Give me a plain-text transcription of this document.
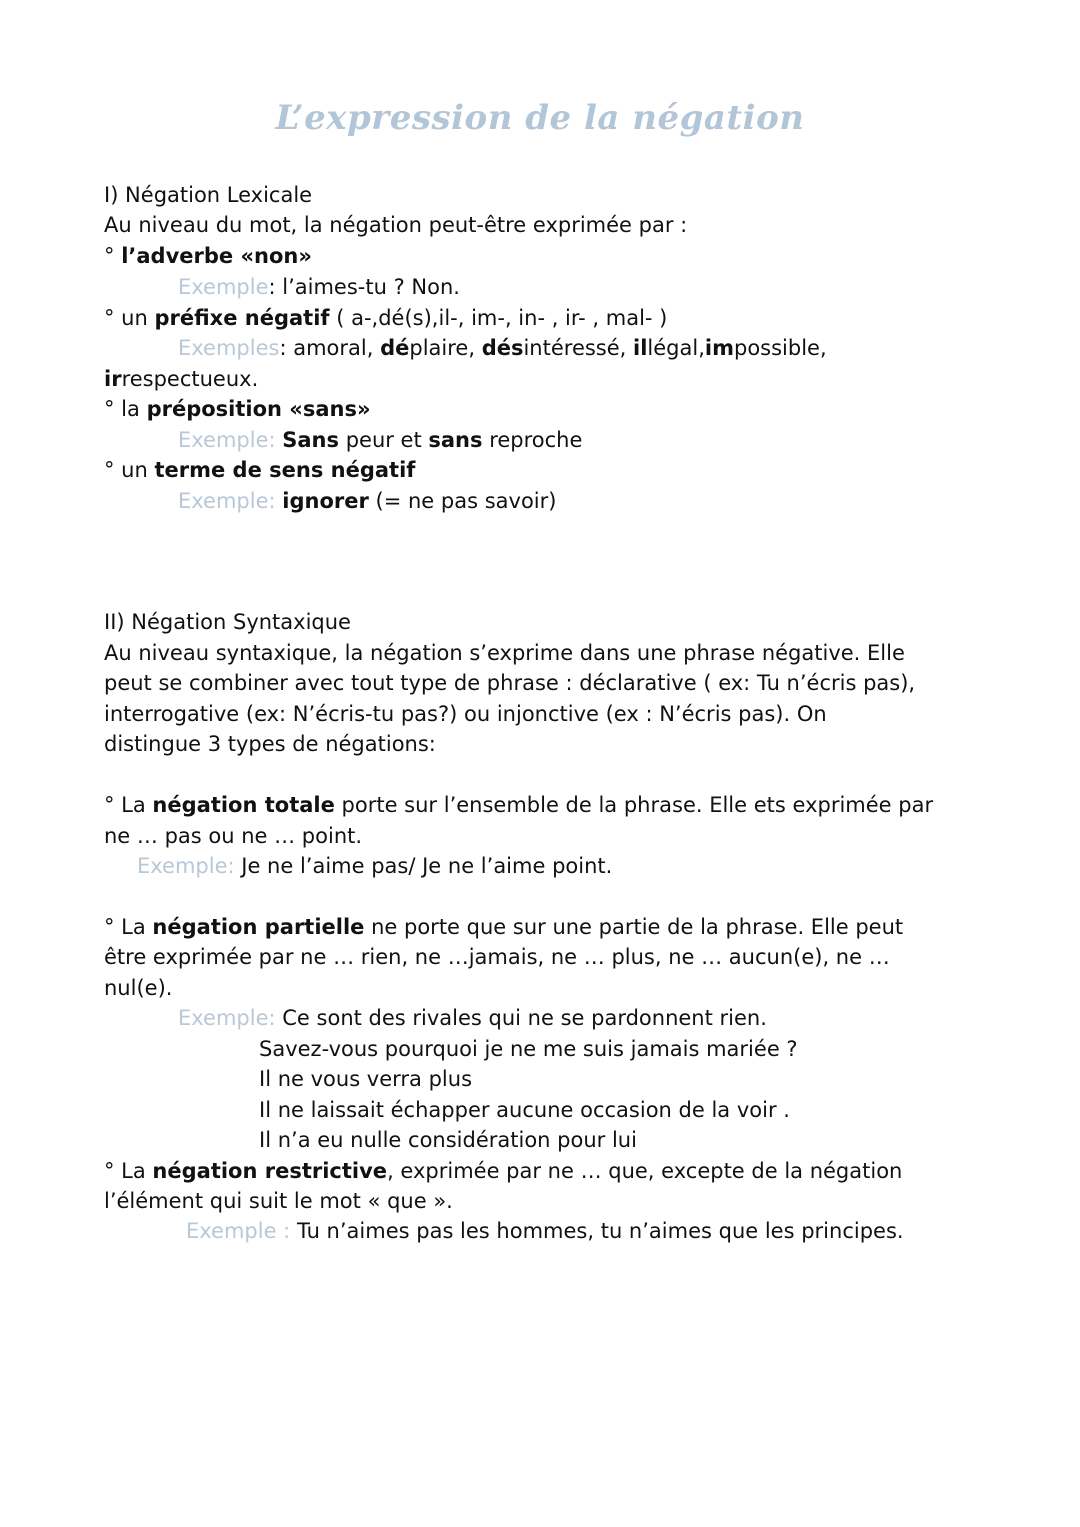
L’expression de la négation
I) Négation Lexicale
Au niveau du mot, la négation peut-être exprimée par :
° l’adverbe «non»
Exemple: l’aimes-tu ? Non.
° un préfixe négatif ( a-,dé(s),il-, im-, in- , ir- , mal- )
Exemples: amoral, déplaire, désintéressé, illégal,impossible,
irrespectueux.
° la préposition «sans»
Exemple: Sans peur et sans reproche
° un terme de sens négatif
Exemple: ignorer (= ne pas savoir)
II) Négation Syntaxique
Au niveau syntaxique, la négation s’exprime dans une phrase négative. Elle
peut se combiner avec tout type de phrase : déclarative ( ex: Tu n’écris pas),
interrogative (ex: N’écris-tu pas?) ou injonctive (ex : N’écris pas). On
distingue 3 types de négations:
° La négation totale porte sur l’ensemble de la phrase. Elle ets exprimée par
ne … pas ou ne … point.
Exemple: Je ne l’aime pas/ Je ne l’aime point.
° La négation partielle ne porte que sur une partie de la phrase. Elle peut
être exprimée par ne … rien, ne …jamais, ne … plus, ne … aucun(e), ne …
nul(e).
Exemple: Ce sont des rivales qui ne se pardonnent rien.
Savez-vous pourquoi je ne me suis jamais mariée ?
Il ne vous verra plus
Il ne laissait échapper aucune occasion de la voir .
Il n’a eu nulle considération pour lui
° La négation restrictive, exprimée par ne … que, excepte de la négation
l’élément qui suit le mot « que ».
Exemple : Tu n’aimes pas les hommes, tu n’aimes que les principes.
